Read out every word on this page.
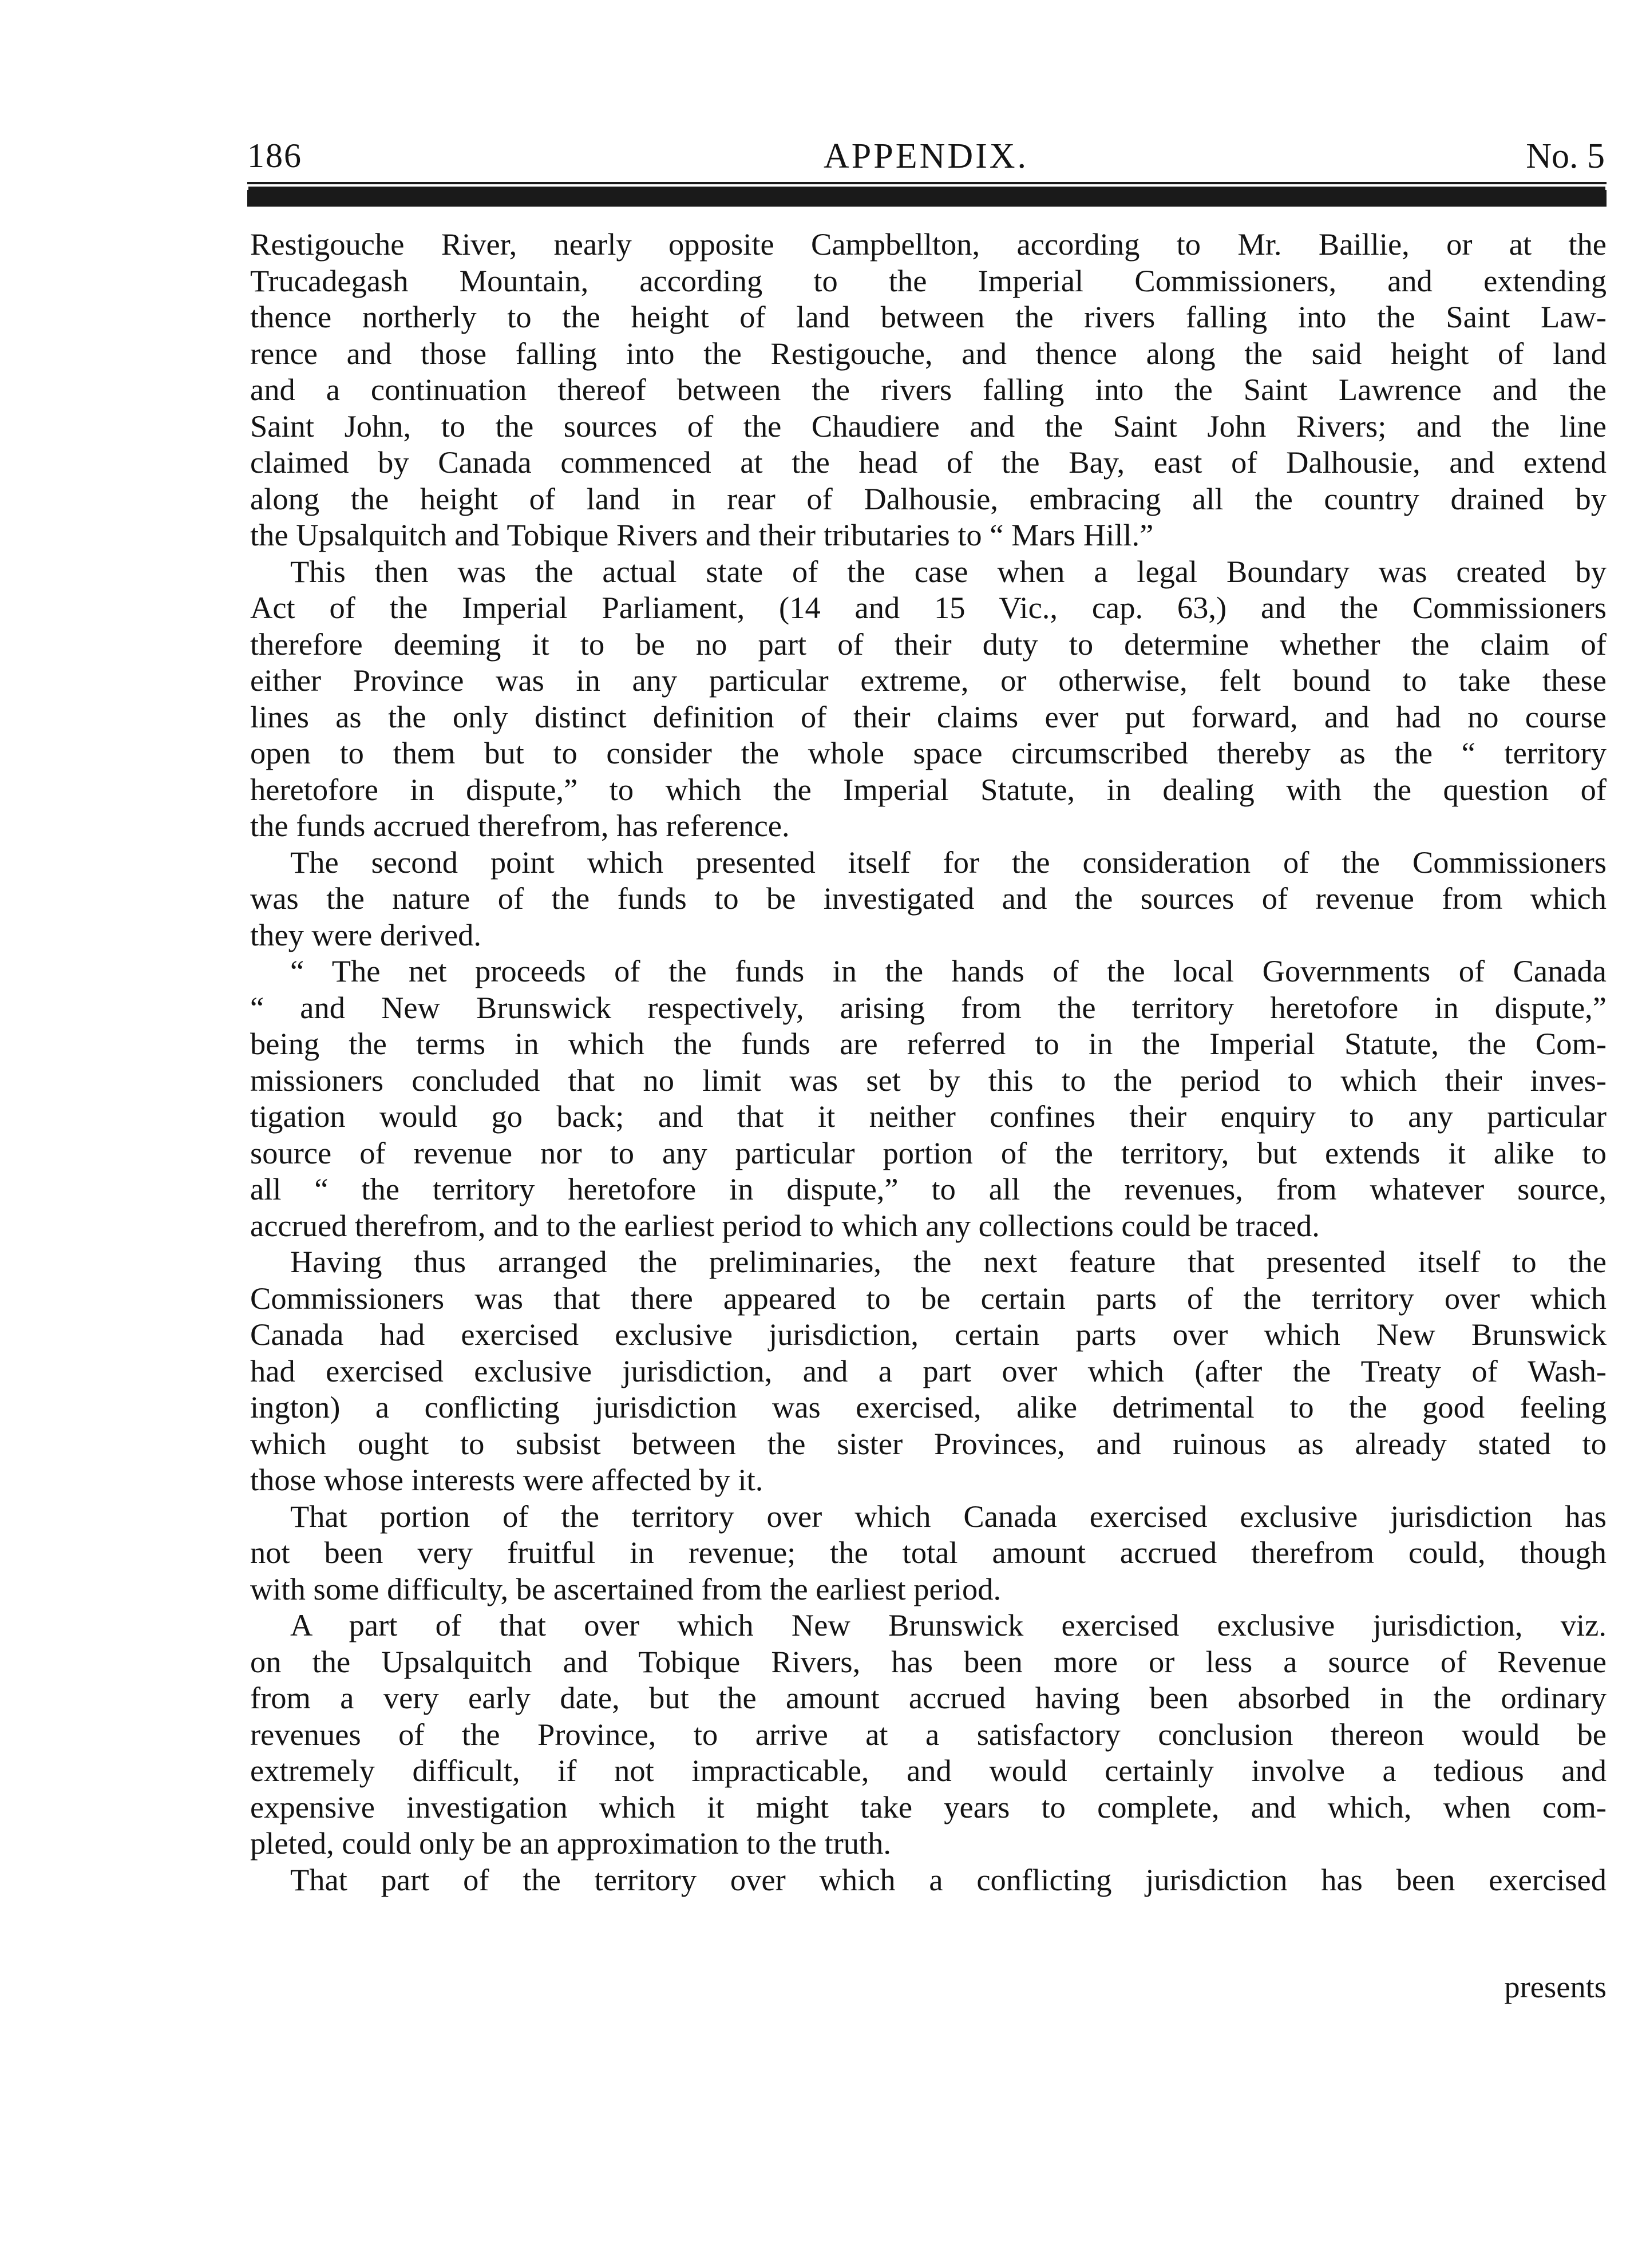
186	APPENDIX.	No. 5
Restigouche River, nearly opposite Campbellton, according to Mr. Baillie, or at the
Trucadegash Mountain, according to the Imperial Commissioners, and extending
thence northerly to the height of land between the rivers falling into the Saint Law-
rence and those falling into the Restigouche, and thence along the said height of land
and a continuation thereof between the rivers falling into the Saint Lawrence and the
Saint John, to the sources of the Chaudiere and the Saint John Rivers; and the line
claimed by Canada commenced at the head of the Bay, east of Dalhousie, and extend
along the height of land in rear of Dalhousie, embracing all the country drained by
the Upsalquitch and Tobique Rivers and their tributaries to “ Mars Hill.”
This then was the actual state of the case when a legal Boundary was created by
Act of the Imperial Parliament, (14 and 15 Vic., cap. 63,) and the Commissioners
therefore deeming it to be no part of their duty to determine whether the claim of
either Province was in any particular extreme, or otherwise, felt bound to take these
lines as the only distinct definition of their claims ever put forward, and had no course
open to them but to consider the whole space circumscribed thereby as the “ territory
heretofore in dispute,” to which the Imperial Statute, in dealing with the question of
the funds accrued therefrom, has reference.
The second point which presented itself for the consideration of the Commissioners
was the nature of the funds to be investigated and the sources of revenue from which
they were derived.
“ The net proceeds of the funds in the hands of the local Governments of Canada
“ and New Brunswick respectively, arising from the territory heretofore in dispute,”
being the terms in which the funds are referred to in the Imperial Statute, the Com-
missioners concluded that no limit was set by this to the period to which their inves-
tigation would go back; and that it neither confines their enquiry to any particular
source of revenue nor to any particular portion of the territory, but extends it alike to
all “ the territory heretofore in dispute,” to all the revenues, from whatever source,
accrued therefrom, and to the earliest period to which any collections could be traced.
Having thus arranged the preliminaries, the next feature that presented itself to the
Commissioners was that there appeared to be certain parts of the territory over which
Canada had exercised exclusive jurisdiction, certain parts over which New Brunswick
had exercised exclusive jurisdiction, and a part over which (after the Treaty of Wash-
ington) a conflicting jurisdiction was exercised, alike detrimental to the good feeling
which ought to subsist between the sister Provinces, and ruinous as already stated to
those whose interests were affected by it.
That portion of the territory over which Canada exercised exclusive jurisdiction has
not been very fruitful in revenue; the total amount accrued therefrom could, though
with some difficulty, be ascertained from the earliest period.
A part of that over which New Brunswick exercised exclusive jurisdiction, viz.
on the Upsalquitch and Tobique Rivers, has been more or less a source of Revenue
from a very early date, but the amount accrued having been absorbed in the ordinary
revenues of the Province, to arrive at a satisfactory conclusion thereon would be
extremely difficult, if not impracticable, and would certainly involve a tedious and
expensive investigation which it might take years to complete, and which, when com-
pleted, could only be an approximation to the truth.
That part of the territory over which a conflicting jurisdiction has been exercised
presents
